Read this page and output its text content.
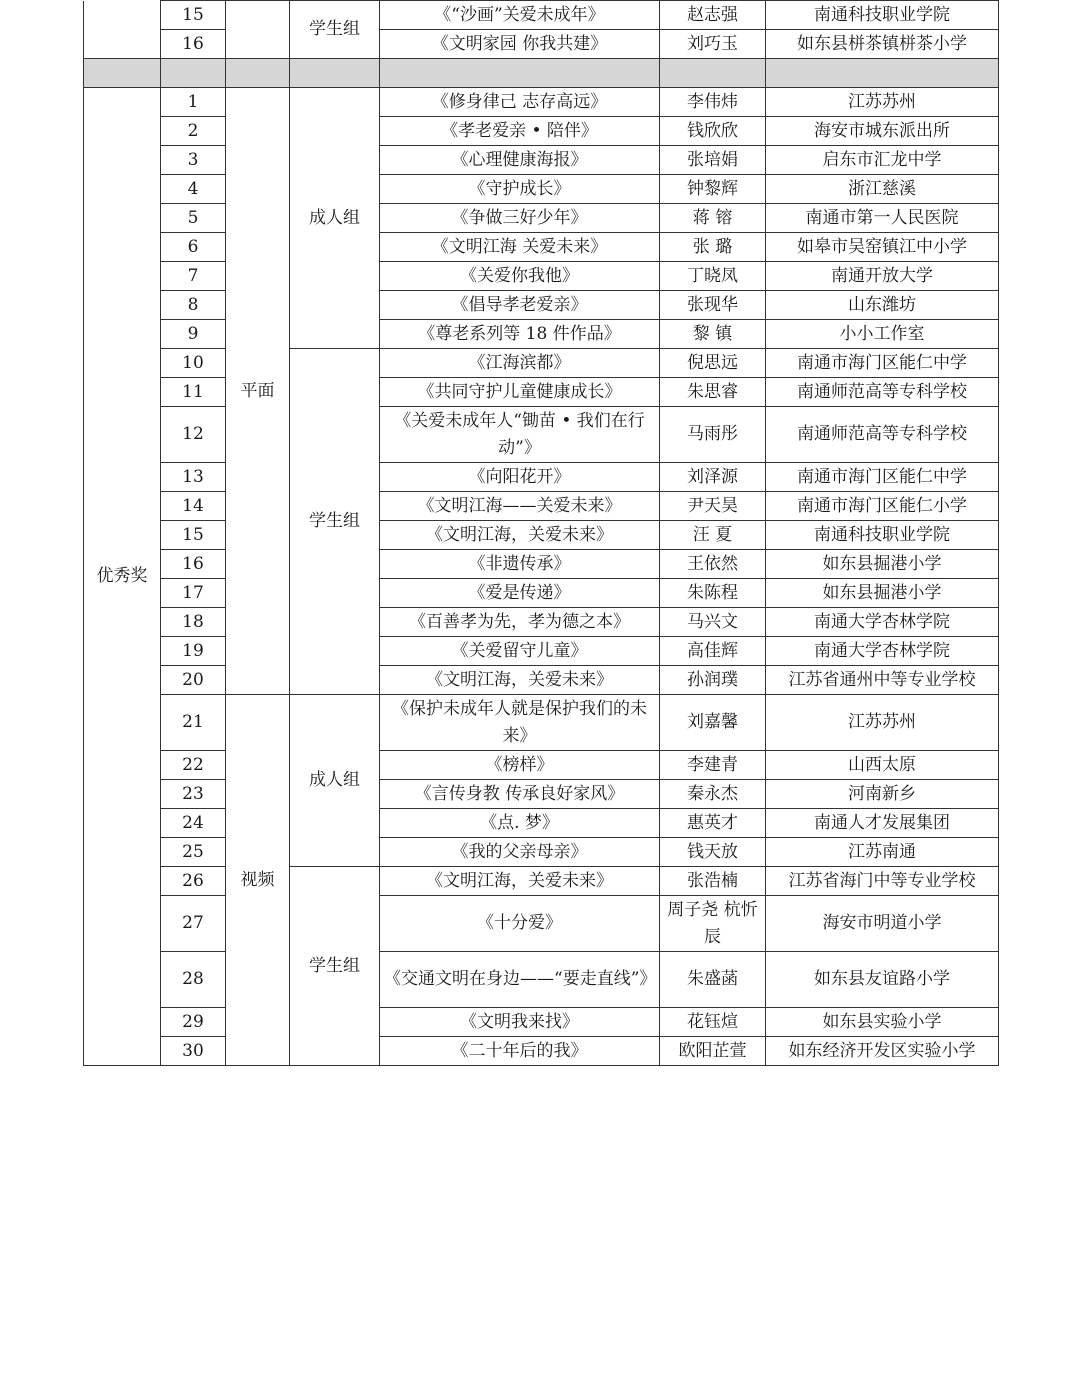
	15		学生组	《“沙画”关爱未成年》	赵志强	南通科技职业学院
	16			《文明家园 你我共建》	刘巧玉	如东县栟茶镇栟茶小学

优秀奖	1	平面	成人组	《修身律己 志存高远》	李伟炜	江苏苏州
	2			《孝老爱亲 • 陪伴》	钱欣欣	海安市城东派出所
	3			《心理健康海报》	张培娟	启东市汇龙中学
	4			《守护成长》	钟黎辉	浙江慈溪
	5			《争做三好少年》	蒋 镕	南通市第一人民医院
	6			《文明江海 关爱未来》	张 璐	如皋市吴窑镇江中小学
	7			《关爱你我他》	丁晓凤	南通开放大学
	8			《倡导孝老爱亲》	张现华	山东潍坊
	9			《尊老系列等 18 件作品》	黎 镇	小小工作室
	10		学生组	《江海滨都》	倪思远	南通市海门区能仁中学
	11			《共同守护儿童健康成长》	朱思睿	南通师范高等专科学校
	12			《关爱未成年人“锄苗 • 我们在行动”》	马雨彤	南通师范高等专科学校
	13			《向阳花开》	刘泽源	南通市海门区能仁中学
	14			《文明江海——关爱未来》	尹天昊	南通市海门区能仁小学
	15			《文明江海，关爱未来》	汪 夏	南通科技职业学院
	16			《非遗传承》	王依然	如东县掘港小学
	17			《爱是传递》	朱陈程	如东县掘港小学
	18			《百善孝为先，孝为德之本》	马兴文	南通大学杏林学院
	19			《关爱留守儿童》	高佳辉	南通大学杏林学院
	20			《文明江海，关爱未来》	孙润璞	江苏省通州中等专业学校
	21	视频	成人组	《保护未成年人就是保护我们的未来》	刘嘉馨	江苏苏州
	22			《榜样》	李建青	山西太原
	23			《言传身教 传承良好家风》	秦永杰	河南新乡
	24			《点. 梦》	惠英才	南通人才发展集团
	25			《我的父亲母亲》	钱天放	江苏南通
	26		学生组	《文明江海，关爱未来》	张浩楠	江苏省海门中等专业学校
	27			《十分爱》	周子尧 杭忻辰	海安市明道小学
	28			《交通文明在身边——“要走直线”》	朱盛菡	如东县友谊路小学
	29			《文明我来找》	花钰煊	如东县实验小学
	30			《二十年后的我》	欧阳芷萱	如东经济开发区实验小学
